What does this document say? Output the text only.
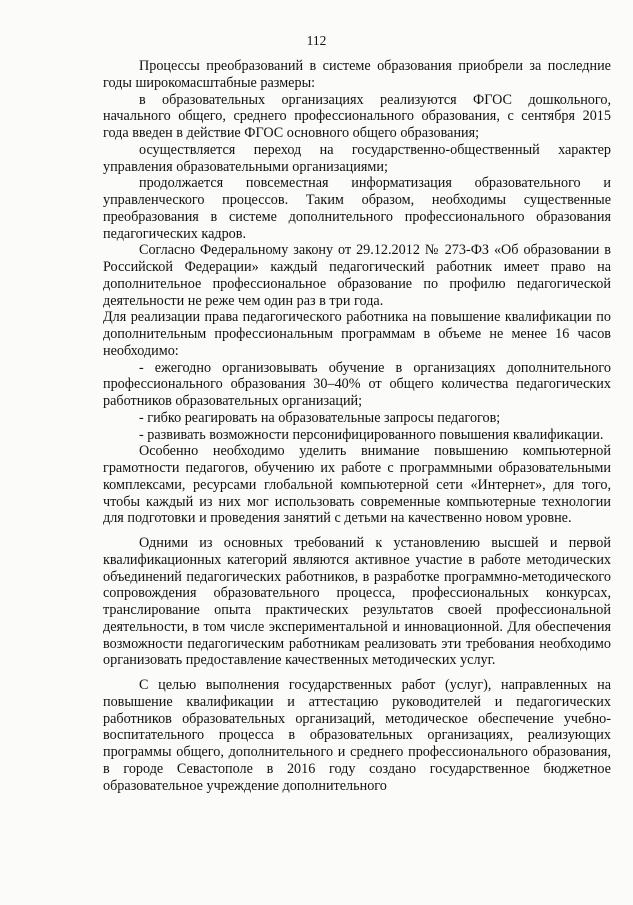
112

Процессы преобразований в системе образования приобрели за последние годы широкомасштабные размеры:

в образовательных организациях реализуются ФГОС дошкольного, начального общего, среднего профессионального образования, с сентября 2015 года введен в действие ФГОС основного общего образования;

осуществляется переход на государственно-общественный характер управления образовательными организациями;

продолжается повсеместная информатизация образовательного и управленческого процессов. Таким образом, необходимы существенные преобразования в системе дополнительного профессионального образования педагогических кадров.

Согласно Федеральному закону от 29.12.2012 № 273-ФЗ «Об образовании в Российской Федерации» каждый педагогический работник имеет право на дополнительное профессиональное образование по профилю педагогической деятельности не реже чем один раз в три года.

Для реализации права педагогического работника на повышение квалификации по дополнительным профессиональным программам в объеме не менее 16 часов необходимо:

- ежегодно организовывать обучение в организациях дополнительного профессионального образования 30–40% от общего количества педагогических работников образовательных организаций;

- гибко реагировать на образовательные запросы педагогов;

- развивать возможности персонифицированного повышения квалификации.

Особенно необходимо уделить внимание повышению компьютерной грамотности педагогов, обучению их работе с программными образовательными комплексами, ресурсами глобальной компьютерной сети «Интернет», для того, чтобы каждый из них мог использовать современные компьютерные технологии для подготовки и проведения занятий с детьми на качественно новом уровне.

Одними из основных требований к установлению высшей и первой квалификационных категорий являются активное участие в работе методических объединений педагогических работников, в разработке программно-методического сопровождения образовательного процесса, профессиональных конкурсах, транслирование опыта практических результатов своей профессиональной деятельности, в том числе экспериментальной и инновационной. Для обеспечения возможности педагогическим работникам реализовать эти требования необходимо организовать предоставление качественных методических услуг.

С целью выполнения государственных работ (услуг), направленных на повышение квалификации и аттестацию руководителей и педагогических работников образовательных организаций, методическое обеспечение учебно-воспитательного процесса в образовательных организациях, реализующих программы общего, дополнительного и среднего профессионального образования, в городе Севастополе в 2016 году создано государственное бюджетное образовательное учреждение дополнительного
